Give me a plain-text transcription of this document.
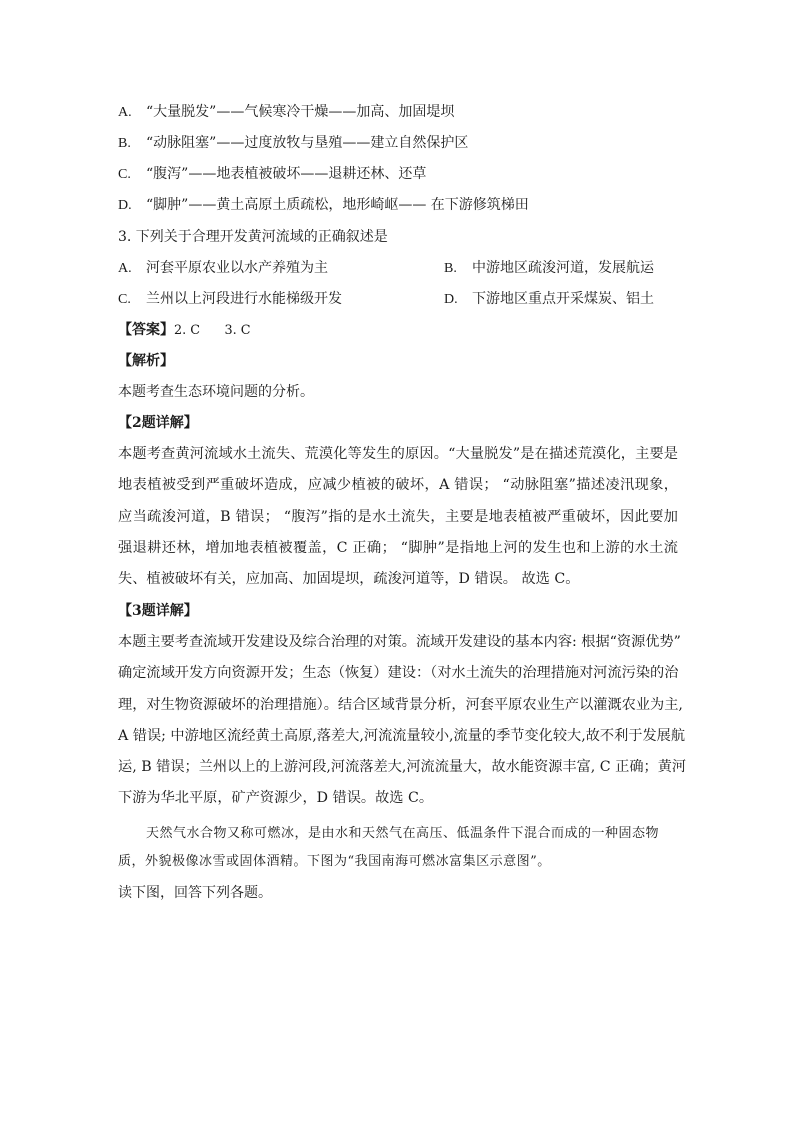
A. “大量脱发”——气候寒冷干燥——加高、加固堤坝
B. “动脉阻塞”——过度放牧与垦殖——建立自然保护区
C. “腹泻”——地表植被破坏——退耕还林、还草
D. “脚肿”——黄土高原土质疏松，地形崎岖—— 在下游修筑梯田
3. 下列关于合理开发黄河流域的正确叙述是
A. 河套平原农业以水产养殖为主	B. 中游地区疏浚河道，发展航运
C. 兰州以上河段进行水能梯级开发	D. 下游地区重点开采煤炭、铝土
【答案】2. C      3. C
【解析】
本题考查生态环境问题的分析。
【2题详解】
本题考查黄河流域水土流失、荒漠化等发生的原因。“大量脱发”是在描述荒漠化，主要是
地表植被受到严重破坏造成，应减少植被的破坏，A 错误； “动脉阻塞”描述凌汛现象，
应当疏浚河道，B 错误； “腹泻”指的是水土流失，主要是地表植被严重破坏，因此要加
强退耕还林，增加地表植被覆盖，C 正确； “脚肿”是指地上河的发生也和上游的水土流
失、植被破坏有关，应加高、加固堤坝，疏浚河道等，D 错误。 故选 C。
【3题详解】
本题主要考查流域开发建设及综合治理的对策。流域开发建设的基本内容: 根据“资源优势”
确定流域开发方向资源开发；生态（恢复）建设：（对水土流失的治理措施对河流污染的治
理，对生物资源破坏的治理措施）。结合区域背景分析，河套平原农业生产以灌溉农业为主,
A 错误; 中游地区流经黄土高原,落差大,河流流量较小,流量的季节变化较大,故不利于发展航
运, B 错误；兰州以上的上游河段,河流落差大,河流流量大，故水能资源丰富, C 正确；黄河
下游为华北平原，矿产资源少，D 错误。故选 C。
天然气水合物又称可燃冰，是由水和天然气在高压、低温条件下混合而成的一种固态物
质，外貌极像冰雪或固体酒精。下图为“我国南海可燃冰富集区示意图”。
读下图，回答下列各题。
